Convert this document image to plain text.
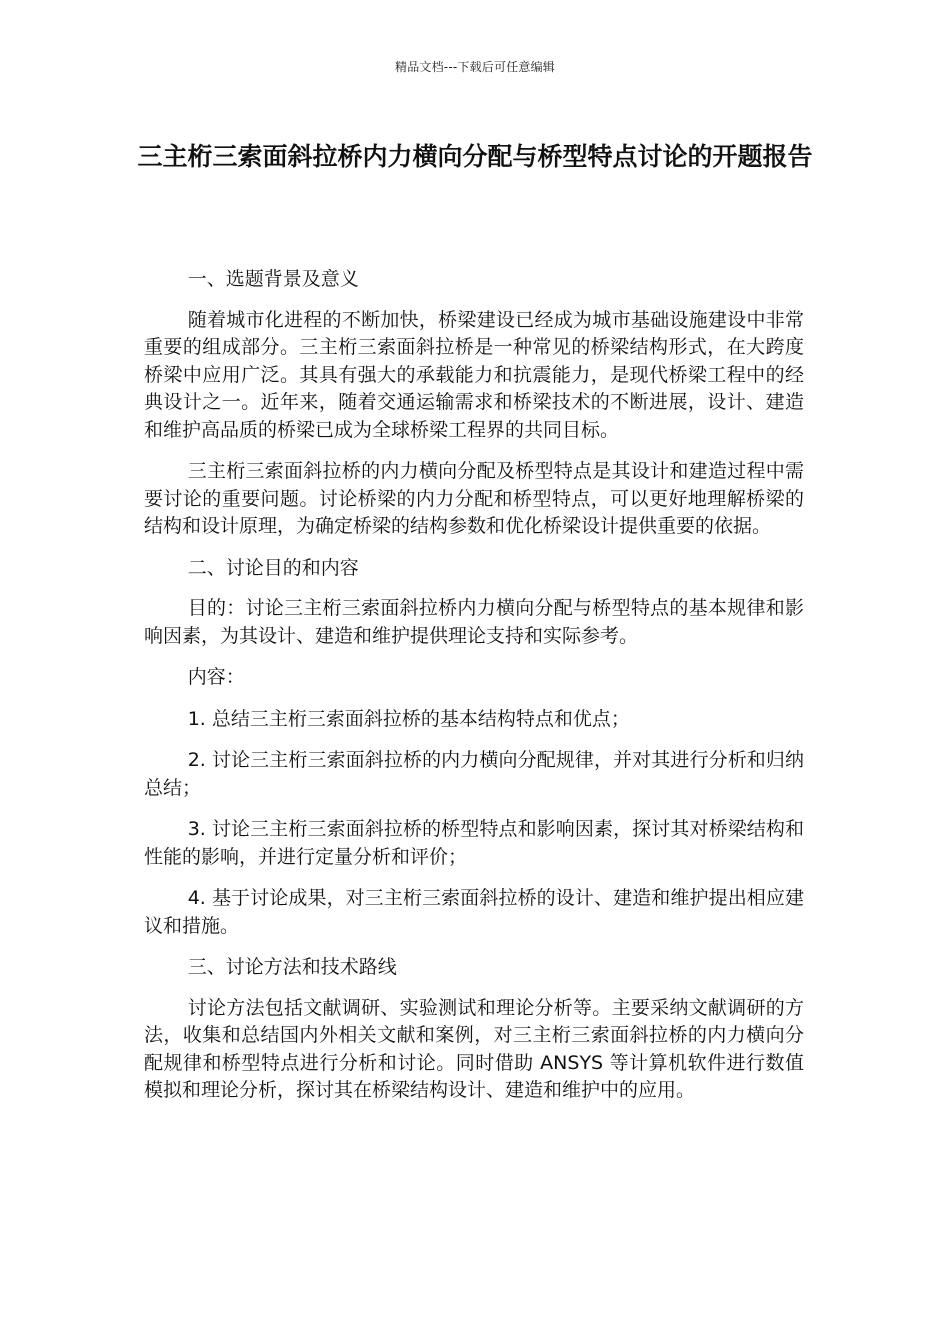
精品文档---下载后可任意编辑
三主桁三索面斜拉桥内力横向分配与桥型特点讨论的开题报告

一、选题背景及意义

随着城市化进程的不断加快，桥梁建设已经成为城市基础设施建设中非常重要的组成部分。三主桁三索面斜拉桥是一种常见的桥梁结构形式，在大跨度桥梁中应用广泛。其具有强大的承载能力和抗震能力，是现代桥梁工程中的经典设计之一。近年来，随着交通运输需求和桥梁技术的不断进展，设计、建造和维护高品质的桥梁已成为全球桥梁工程界的共同目标。

三主桁三索面斜拉桥的内力横向分配及桥型特点是其设计和建造过程中需要讨论的重要问题。讨论桥梁的内力分配和桥型特点，可以更好地理解桥梁的结构和设计原理，为确定桥梁的结构参数和优化桥梁设计提供重要的依据。

二、讨论目的和内容

目的：讨论三主桁三索面斜拉桥内力横向分配与桥型特点的基本规律和影响因素，为其设计、建造和维护提供理论支持和实际参考。

内容：

1. 总结三主桁三索面斜拉桥的基本结构特点和优点；

2. 讨论三主桁三索面斜拉桥的内力横向分配规律，并对其进行分析和归纳总结；

3. 讨论三主桁三索面斜拉桥的桥型特点和影响因素，探讨其对桥梁结构和性能的影响，并进行定量分析和评价；

4. 基于讨论成果，对三主桁三索面斜拉桥的设计、建造和维护提出相应建议和措施。

三、讨论方法和技术路线

讨论方法包括文献调研、实验测试和理论分析等。主要采纳文献调研的方法，收集和总结国内外相关文献和案例，对三主桁三索面斜拉桥的内力横向分配规律和桥型特点进行分析和讨论。同时借助 ANSYS 等计算机软件进行数值模拟和理论分析，探讨其在桥梁结构设计、建造和维护中的应用。
